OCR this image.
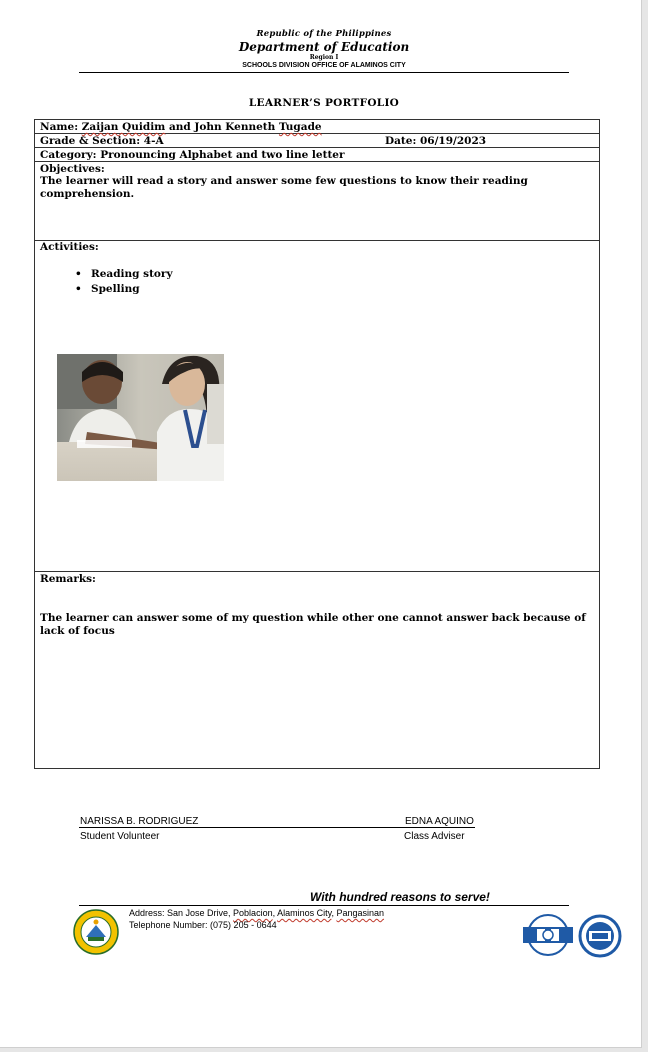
Republic of the Philippines
Department of Education
Region I
SCHOOLS DIVISION OFFICE OF ALAMINOS CITY
LEARNER’S PORTFOLIO
Name: Zaijan Quidim and John Kenneth Tugade
Grade & Section: 4-A	Date: 06/19/2023
Category: Pronouncing Alphabet and two line letter
Objectives:
The learner will read a story and answer some few questions to know their reading comprehension.
Activities:
• Reading story
• Spelling
Remarks:
The learner can answer some of my question while other one cannot answer back because of lack of focus
NARISSA B. RODRIGUEZ	EDNA AQUINO
Student Volunteer	Class Adviser
With hundred reasons to serve!
Address: San Jose Drive, Poblacion, Alaminos City, Pangasinan
Telephone Number: (075) 205 - 0644
